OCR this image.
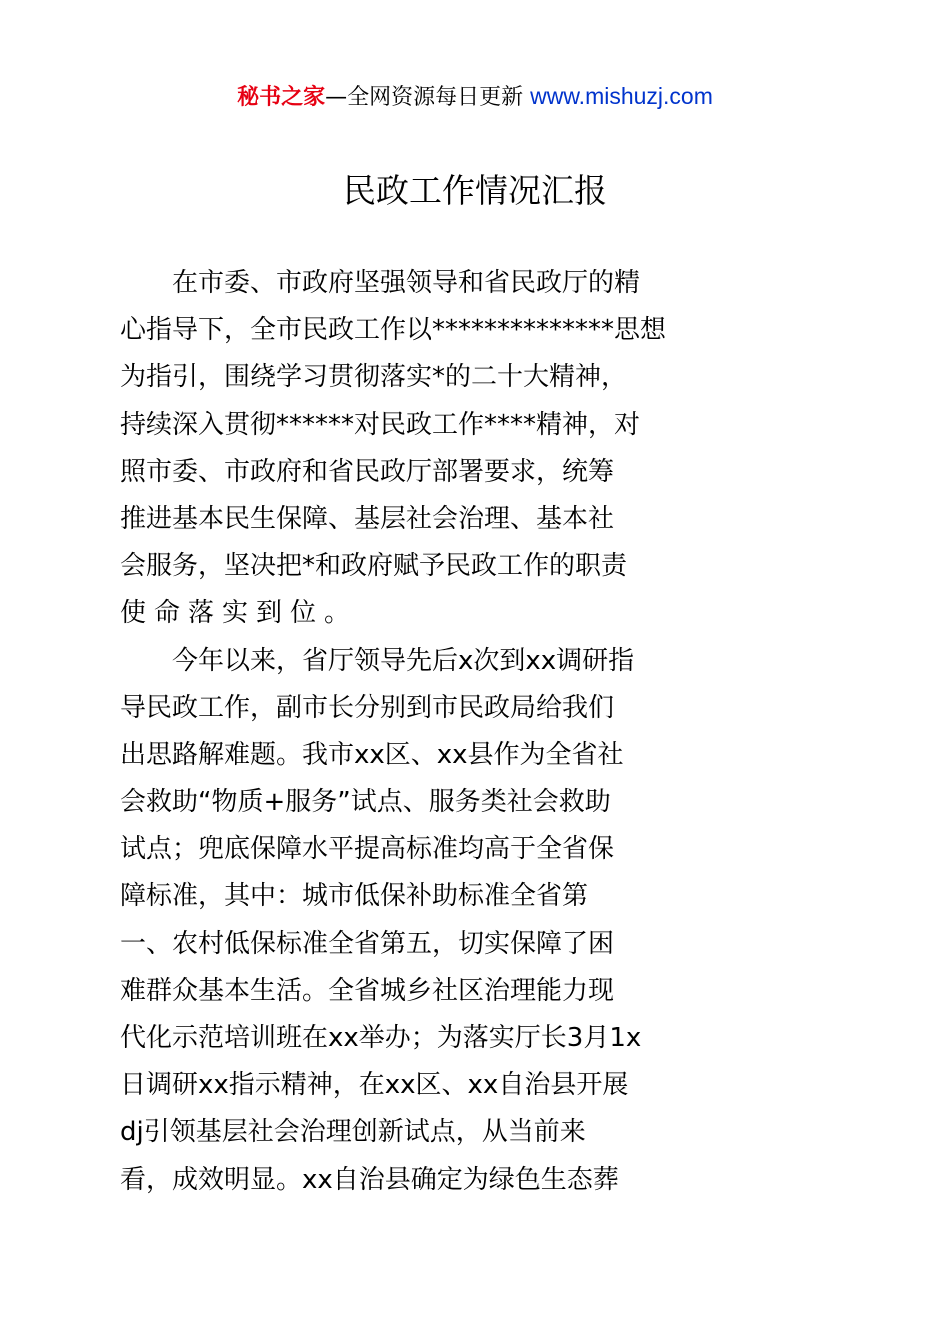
秘书之家—全网资源每日更新 www.mishuzj.com
民政工作情况汇报
在市委、市政府坚强领导和省民政厅的精
心指导下，全市民政工作以**************思想
为指引，围绕学习贯彻落实*的二十大精神，
持续深入贯彻******对民政工作****精神，对
照市委、市政府和省民政厅部署要求，统筹
推进基本民生保障、基层社会治理、基本社
会服务，坚决把*和政府赋予民政工作的职责
使命落实到位。
今年以来，省厅领导先后x次到xx调研指
导民政工作，副市长分别到市民政局给我们
出思路解难题。我市xx区、xx县作为全省社
会救助“物质+服务”试点、服务类社会救助
试点；兜底保障水平提高标准均高于全省保
障标准，其中：城市低保补助标准全省第
一、农村低保标准全省第五，切实保障了困
难群众基本生活。全省城乡社区治理能力现
代化示范培训班在xx举办；为落实厅长3月1x
日调研xx指示精神，在xx区、xx自治县开展
dj引领基层社会治理创新试点，从当前来
看，成效明显。xx自治县确定为绿色生态葬
